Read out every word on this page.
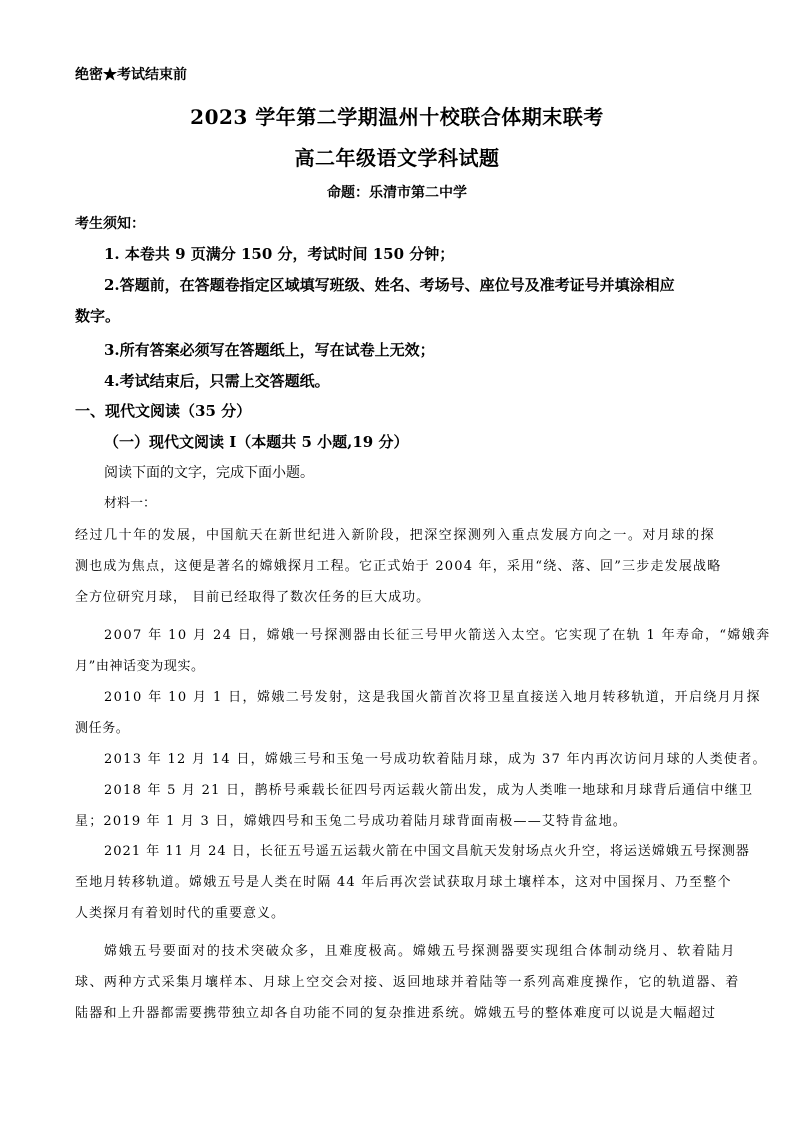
绝密★考试结束前
2023 学年第二学期温州十校联合体期末联考
高二年级语文学科试题
命题：乐清市第二中学
考生须知：
1. 本卷共 9 页满分 150 分，考试时间 150 分钟；
2.答题前，在答题卷指定区域填写班级、姓名、考场号、座位号及准考证号并填涂相应
数字。
3.所有答案必须写在答题纸上，写在试卷上无效；
4.考试结束后，只需上交答题纸。
一、现代文阅读（35 分）
（一）现代文阅读 I（本题共 5 小题,19 分）
阅读下面的文字，完成下面小题。
材料一：
经过几十年的发展，中国航天在新世纪进入新阶段，把深空探测列入重点发展方向之一。对月球的探
测也成为焦点，这便是著名的嫦娥探月工程。它正式始于 2004 年，采用“绕、落、回”三步走发展战略
全方位研究月球， 目前已经取得了数次任务的巨大成功。
2007 年 10 月 24 日，嫦娥一号探测器由长征三号甲火箭送入太空。它实现了在轨 1 年寿命，“嫦娥奔
月”由神话变为现实。
2010 年 10 月 1 日，嫦娥二号发射，这是我国火箭首次将卫星直接送入地月转移轨道，开启绕月月探
测任务。
2013 年 12 月 14 日，嫦娥三号和玉兔一号成功软着陆月球，成为 37 年内再次访问月球的人类使者。
2018 年 5 月 21 日，鹊桥号乘载长征四号丙运载火箭出发，成为人类唯一地球和月球背后通信中继卫
星；2019 年 1 月 3 日，嫦娥四号和玉兔二号成功着陆月球背面南极——艾特肯盆地。
2021 年 11 月 24 日，长征五号遥五运载火箭在中国文昌航天发射场点火升空，将运送嫦娥五号探测器
至地月转移轨道。嫦娥五号是人类在时隔 44 年后再次尝试获取月球土壤样本，这对中国探月、乃至整个
人类探月有着划时代的重要意义。
嫦娥五号要面对的技术突破众多，且难度极高。嫦娥五号探测器要实现组合体制动绕月、软着陆月
球、两种方式采集月壤样本、月球上空交会对接、返回地球并着陆等一系列高难度操作，它的轨道器、着
陆器和上升器都需要携带独立却各自功能不同的复杂推进系统。嫦娥五号的整体难度可以说是大幅超过
